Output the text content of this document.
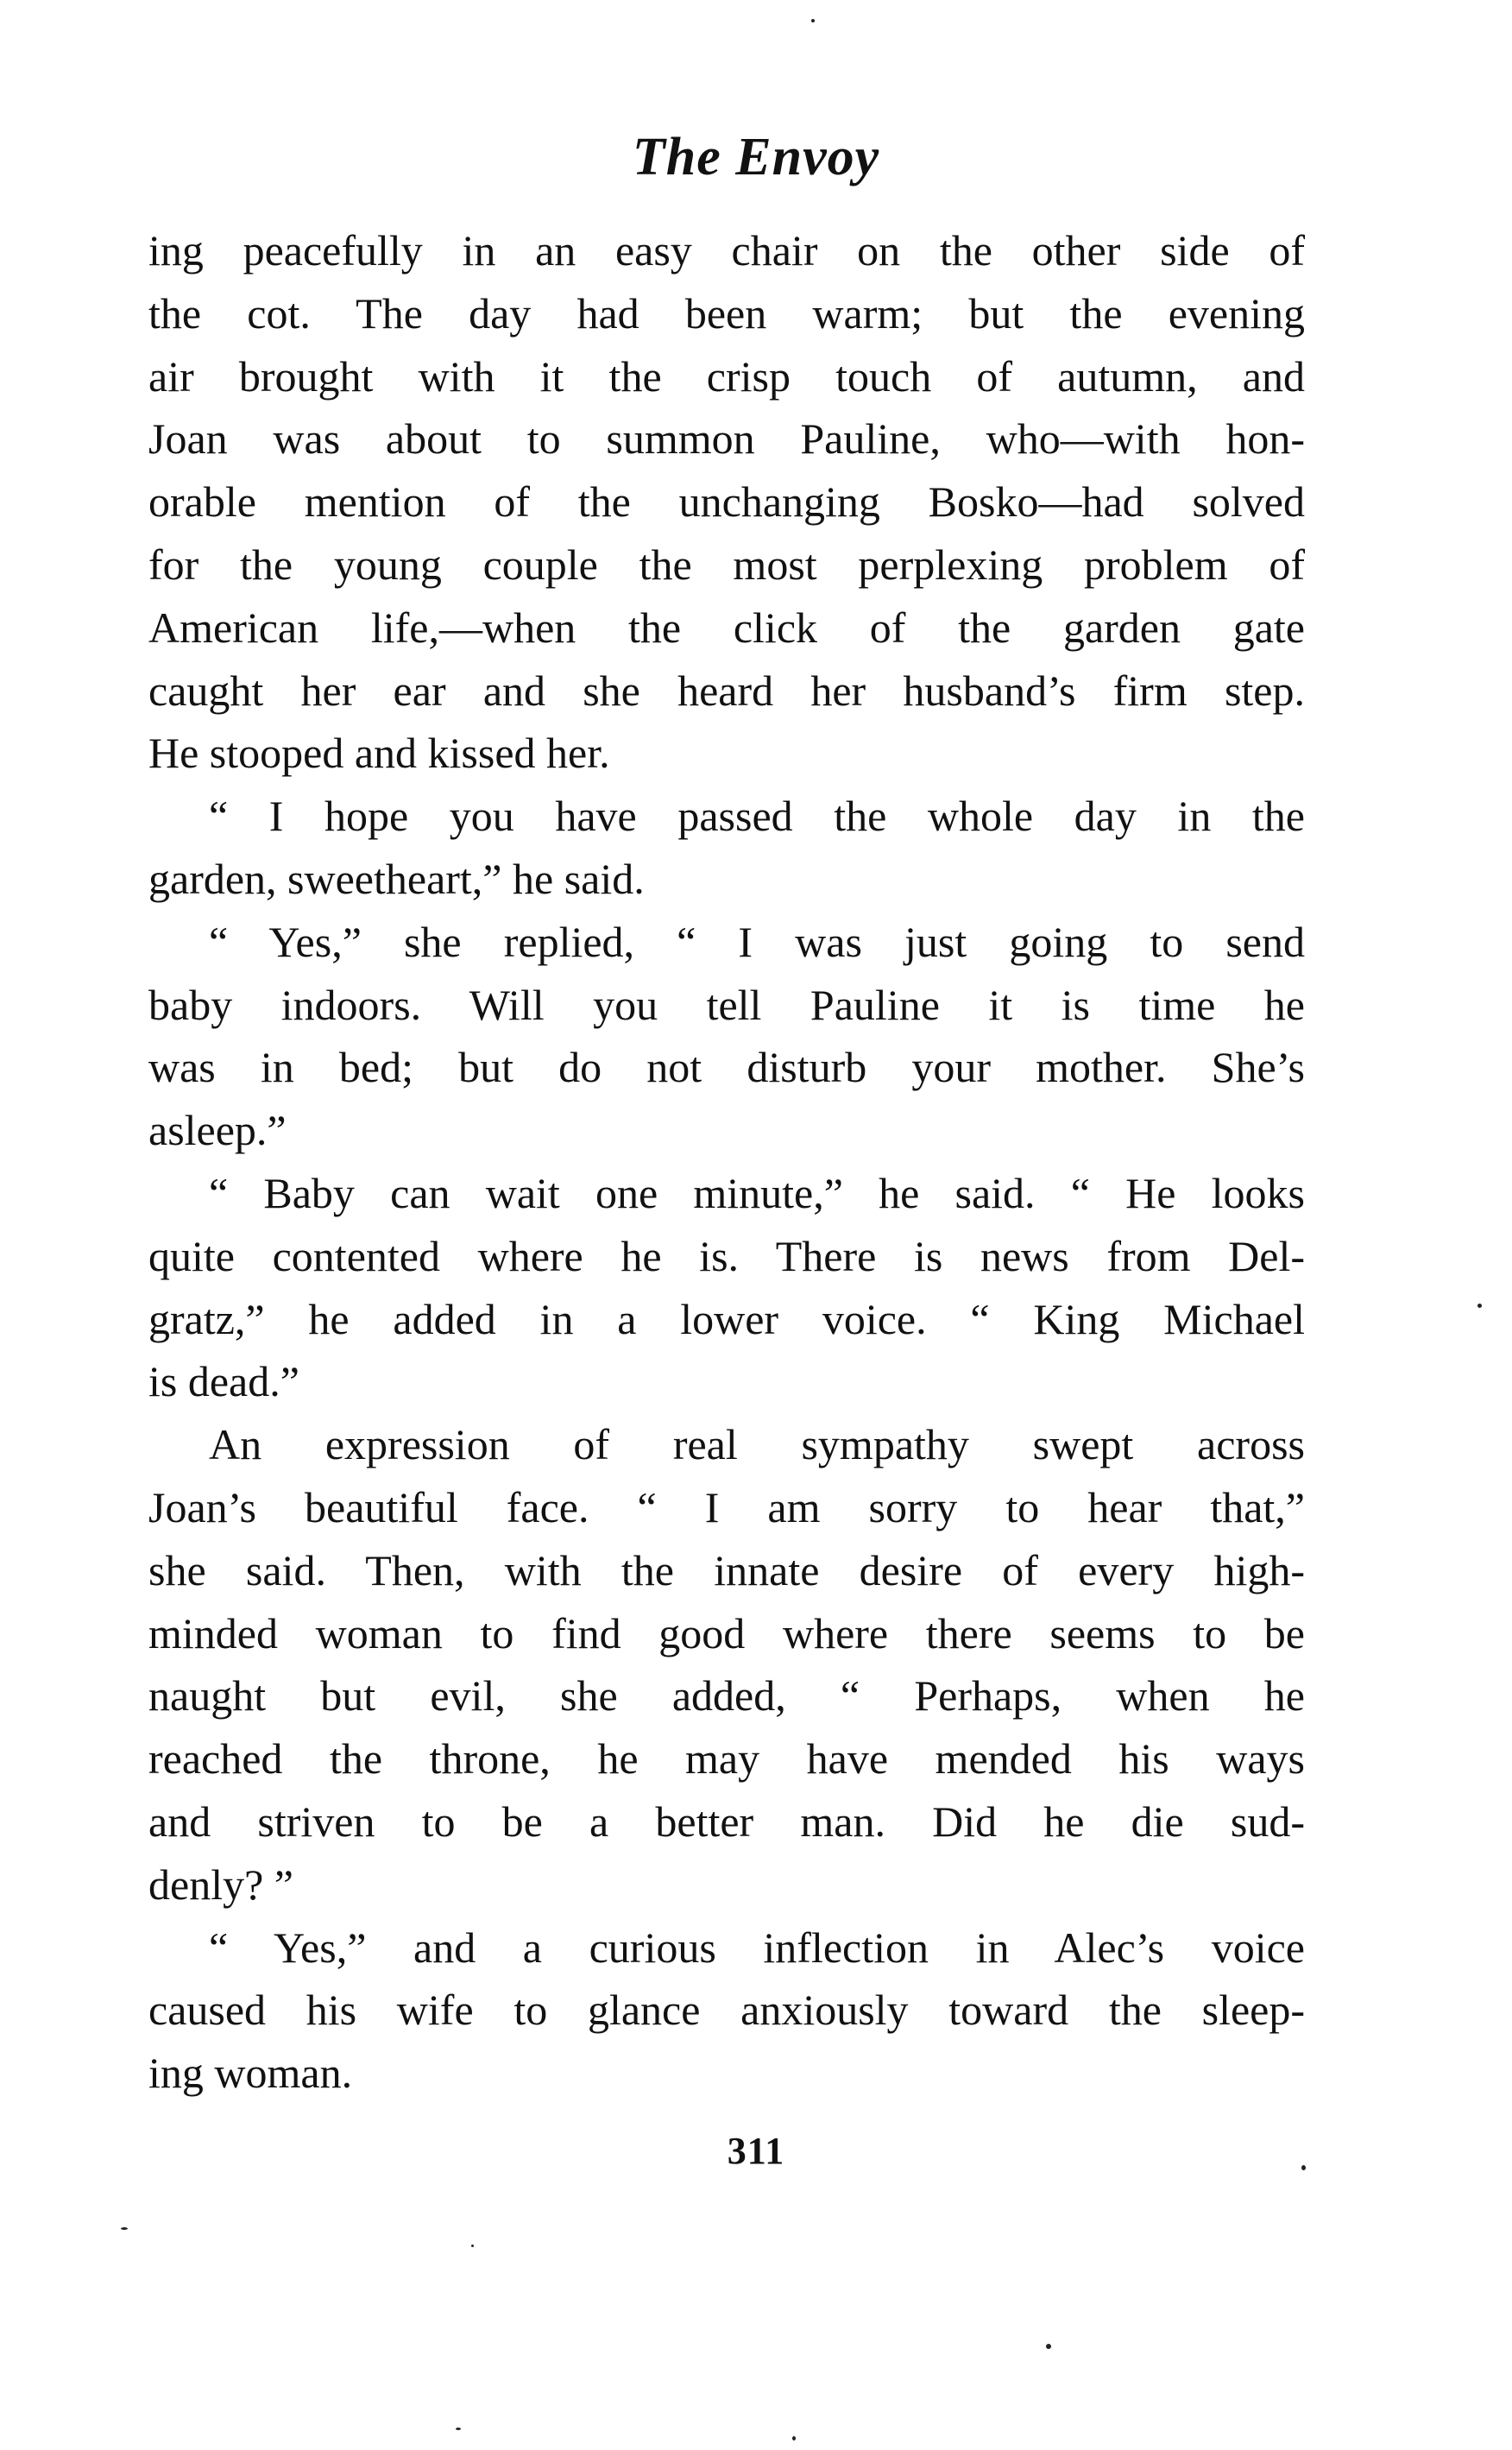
The Envoy
ing peacefully in an easy chair on the other side of
the cot. The day had been warm; but the evening
air brought with it the crisp touch of autumn, and
Joan was about to summon Pauline, who—with hon-
orable mention of the unchanging Bosko—had solved
for the young couple the most perplexing problem of
American life,—when the click of the garden gate
caught her ear and she heard her husband’s firm step.
He stooped and kissed her.
“ I hope you have passed the whole day in the
garden, sweetheart,” he said.
“ Yes,” she replied, “ I was just going to send
baby indoors. Will you tell Pauline it is time he
was in bed; but do not disturb your mother. She’s
asleep.”
“ Baby can wait one minute,” he said. “ He looks
quite contented where he is. There is news from Del-
gratz,” he added in a lower voice. “ King Michael
is dead.”
An expression of real sympathy swept across
Joan’s beautiful face. “ I am sorry to hear that,”
she said. Then, with the innate desire of every high-
minded woman to find good where there seems to be
naught but evil, she added, “ Perhaps, when he
reached the throne, he may have mended his ways
and striven to be a better man. Did he die sud-
denly? ”
“ Yes,” and a curious inflection in Alec’s voice
caused his wife to glance anxiously toward the sleep-
ing woman.
311
